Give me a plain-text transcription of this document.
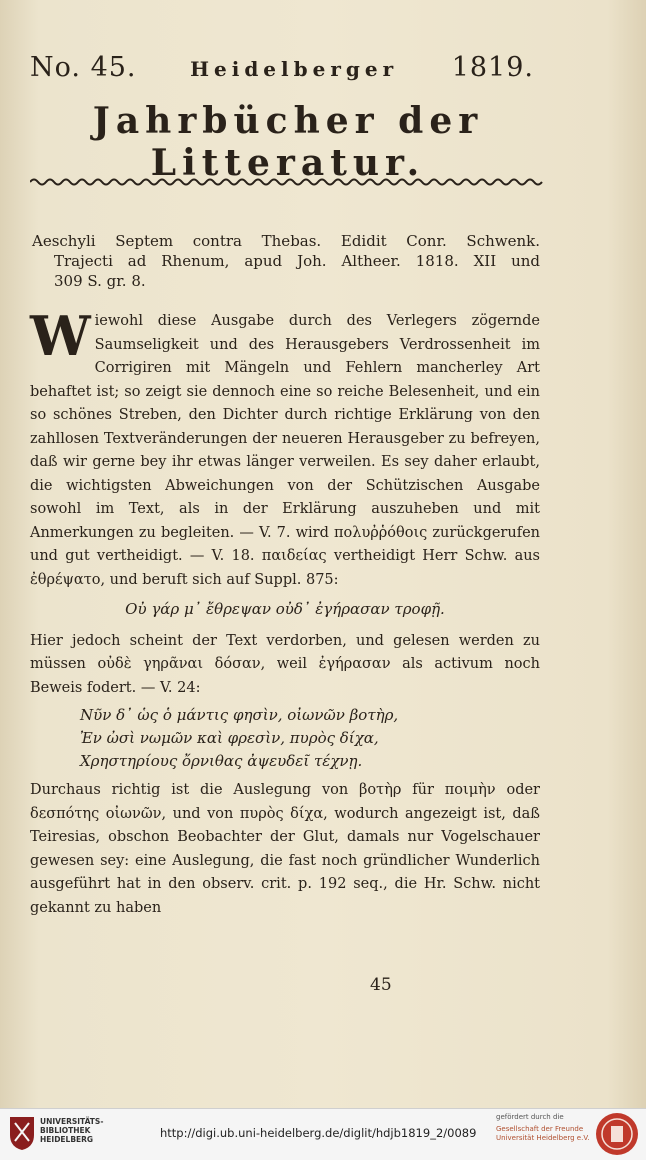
No. 45.	Heidelberger 1819.
Jahrbücher der Litteratur.
Aeschyli Septem contra Thebas. Edidit Conr. Schwenk.
Trajecti ad Rhenum, apud Joh. Altheer. 1818. XII und
309 S. gr. 8.

Wiewohl diese Ausgabe durch des Verlegers zögernde Saumseligkeit und des Herausgebers Verdrossenheit im Corrigiren mit Mängeln und Fehlern mancherley Art behaftet ist; so zeigt sie dennoch eine so reiche Belesenheit, und ein so schönes Streben, den Dichter durch richtige Erklärung von den zahllosen Textveränderungen der neueren Herausgeber zu befreyen, daß wir gerne bey ihr etwas länger verweilen. Es sey daher erlaubt, die wichtigsten Abweichungen von der Schützischen Ausgabe sowohl im Text, als in der Erklärung auszuheben und mit Anmerkungen zu begleiten. — V. 7. wird πολυῤῥόθοις zurückgerufen und gut vertheidigt. — V. 18. παιδείας vertheidigt Herr Schw. aus ἐθρέψατο, und beruft sich auf Suppl. 875:

Οὐ γάρ μ᾽ ἔθρεψαν οὐδ᾽ ἐγήρασαν τροφῇ.

Hier jedoch scheint der Text verdorben, und gelesen werden zu müssen οὐδὲ γηρᾶναι δόσαν, weil ἐγήρασαν als activum noch Beweis fodert. — V. 24:

Νῦν δ᾽ ὡς ὁ μάντις φησὶν, οἰωνῶν βοτὴρ,
Ἐν ὠσὶ νωμῶν καὶ φρεσὶν, πυρὸς δίχα,
Χρηστηρίους ὄρνιθας ἀψευδεῖ τέχνῃ.

Durchaus richtig ist die Auslegung von βοτὴρ für ποιμὴν oder δεσπότης οἰωνῶν, und von πυρὸς δίχα, wodurch angezeigt ist, daß Teiresias, obschon Beobachter der Glut, damals nur Vogelschauer gewesen sey: eine Auslegung, die fast noch gründlicher Wunderlich ausgeführt hat in den observ. crit. p. 192 seq., die Hr. Schw. nicht gekannt zu haben

45
UNIVERSITÄTS-
BIBLIOTHEK
HEIDELBERG	http://digi.ub.uni-heidelberg.de/diglit/hdjb1819_2/0089
gefördert durch die
Gesellschaft der Freunde
Universität Heidelberg e.V.
